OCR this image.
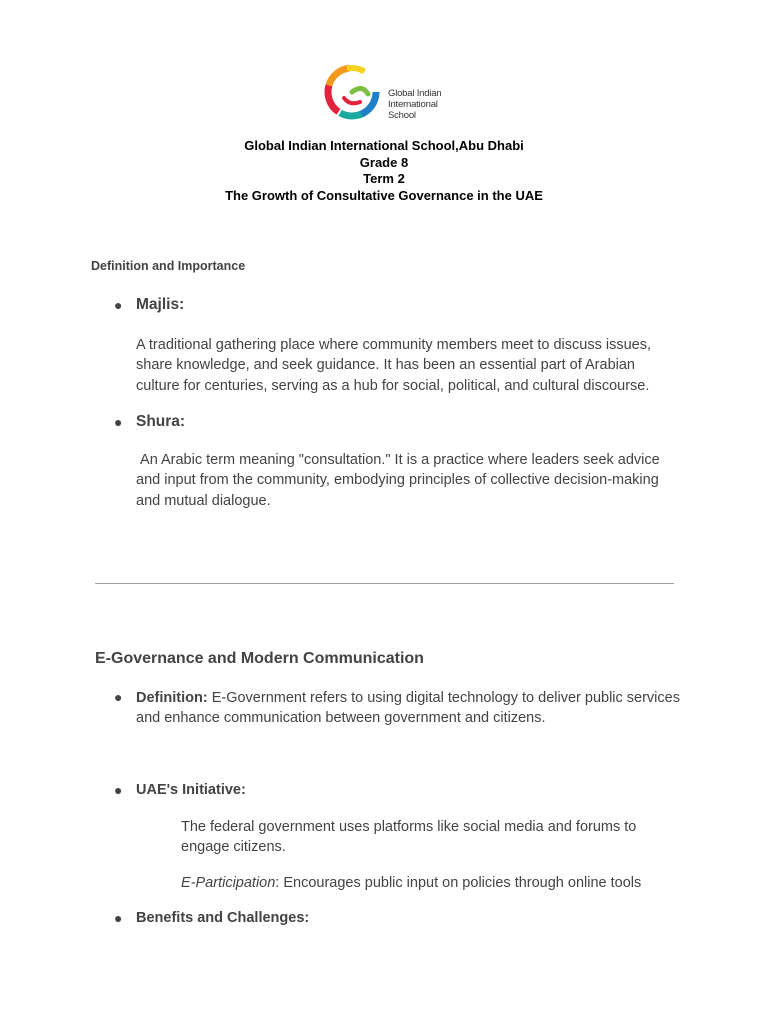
Global Indian
International
School
Global Indian International School,Abu Dhabi
Grade 8
Term 2
The Growth of Consultative Governance in the UAE
Definition and Importance
● Majlis:
A traditional gathering place where community members meet to discuss issues, share knowledge, and seek guidance. It has been an essential part of Arabian culture for centuries, serving as a hub for social, political, and cultural discourse.
● Shura:
An Arabic term meaning "consultation." It is a practice where leaders seek advice and input from the community, embodying principles of collective decision-making and mutual dialogue.
E-Governance and Modern Communication
● Definition: E-Government refers to using digital technology to deliver public services and enhance communication between government and citizens.
● UAE's Initiative:
The federal government uses platforms like social media and forums to engage citizens.
E-Participation: Encourages public input on policies through online tools
● Benefits and Challenges:
